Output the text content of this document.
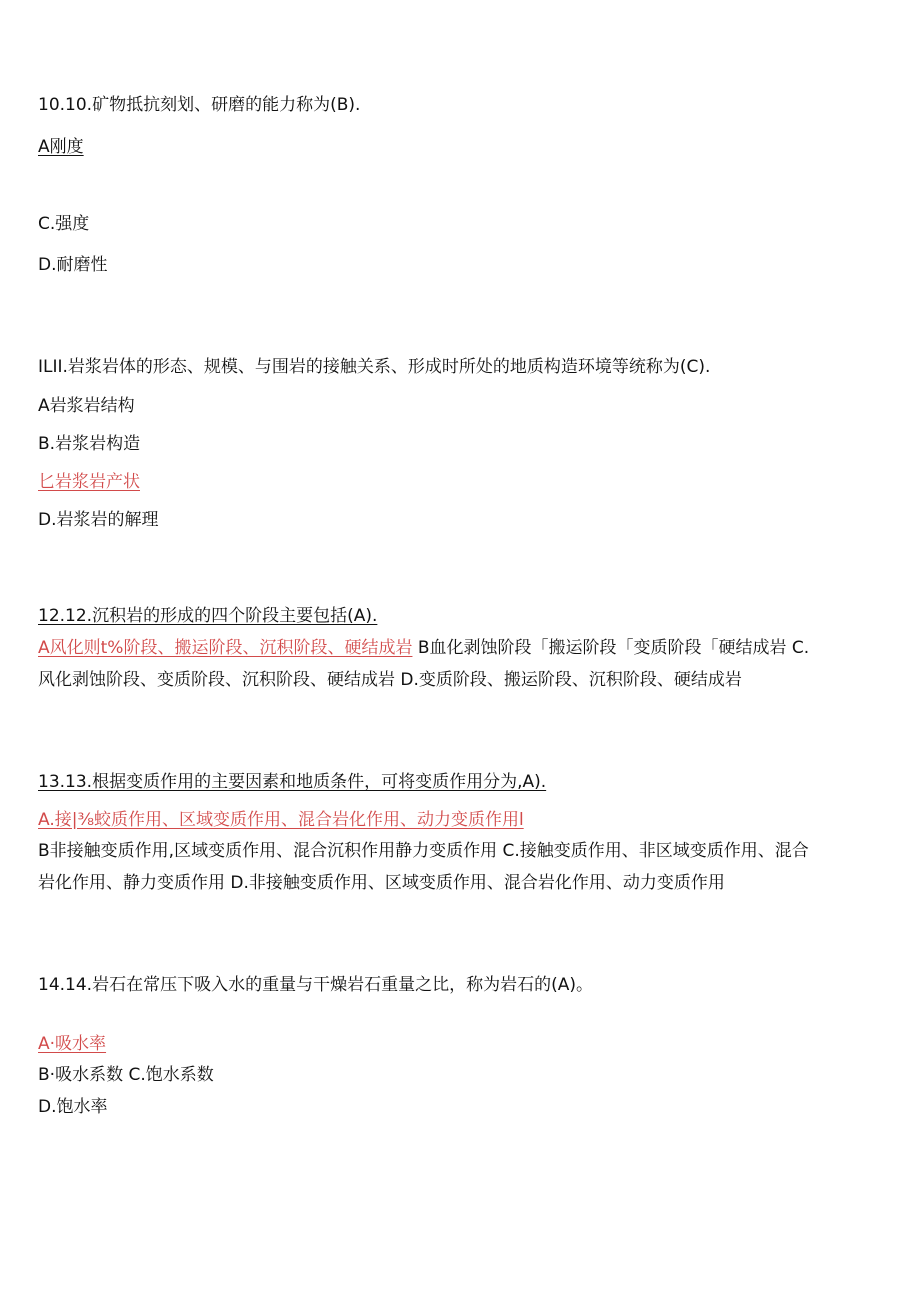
10.10.矿物抵抗刻划、研磨的能力称为(B).
A刚度
C.强度
D.耐磨性
ILII.岩浆岩体的形态、规模、与围岩的接触关系、形成时所处的地质构造环境等统称为(C).
A岩浆岩结构
B.岩浆岩构造
匕岩浆岩产状
D.岩浆岩的解理
12.12.沉积岩的形成的四个阶段主要包括(A).
A风化则t%阶段、搬运阶段、沉积阶段、硬结成岩 B血化剥蚀阶段「搬运阶段「变质阶段「硬结成岩 C.
风化剥蚀阶段、变质阶段、沉积阶段、硬结成岩 D.变质阶段、搬运阶段、沉积阶段、硬结成岩
13.13.根据变质作用的主要因素和地质条件，可将变质作用分为,A).
A.接|⅜蛟质作用、区域变质作用、混合岩化作用、动力变质作用l
B非接触变质作用,区域变质作用、混合沉积作用静力变质作用 C.接触变质作用、非区域变质作用、混合
岩化作用、静力变质作用 D.非接触变质作用、区域变质作用、混合岩化作用、动力变质作用
14.14.岩石在常压下吸入水的重量与干燥岩石重量之比，称为岩石的(A)。
A·吸水率
B·吸水系数 C.饱水系数
D.饱水率
